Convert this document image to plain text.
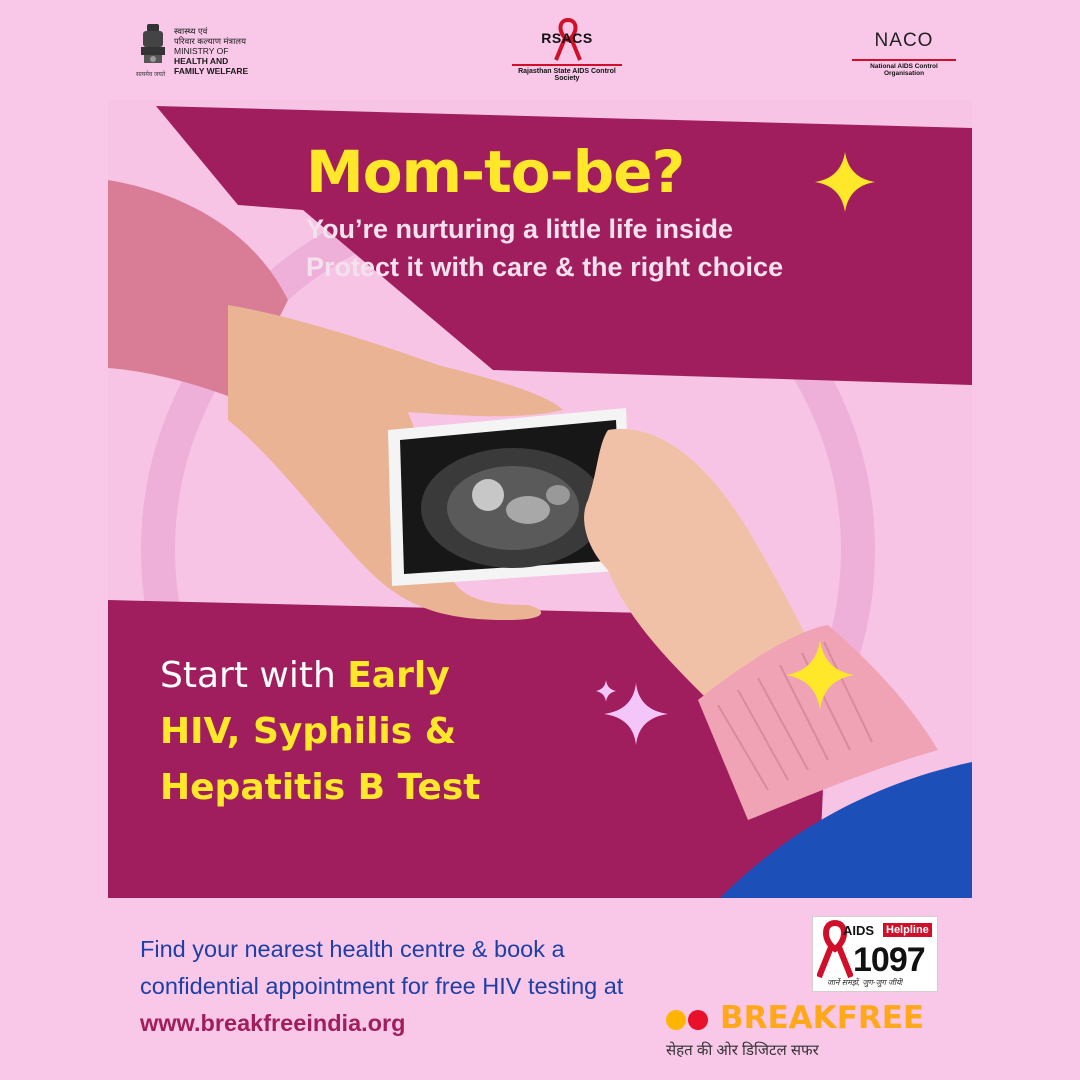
स्वास्थ्य एवं
परिवार कल्याण मंत्रालय
MINISTRY OF
HEALTH AND
FAMILY WELFARE
सत्यमेव जयते
RSACS
Rajasthan State AIDS Control Society
NACO
National AIDS Control Organisation
Mom-to-be?
You’re nurturing a little life inside
Protect it with care & the right choice
Start with Early
HIV, Syphilis &
Hepatitis B Test
Find your nearest health centre & book a confidential appointment for free HIV testing at www.breakfreeindia.org
AIDS Helpline
1097
जानें समझें, जुग-जुग जीयें!
BREAKFREE
सेहत की ओर डिजिटल सफर
